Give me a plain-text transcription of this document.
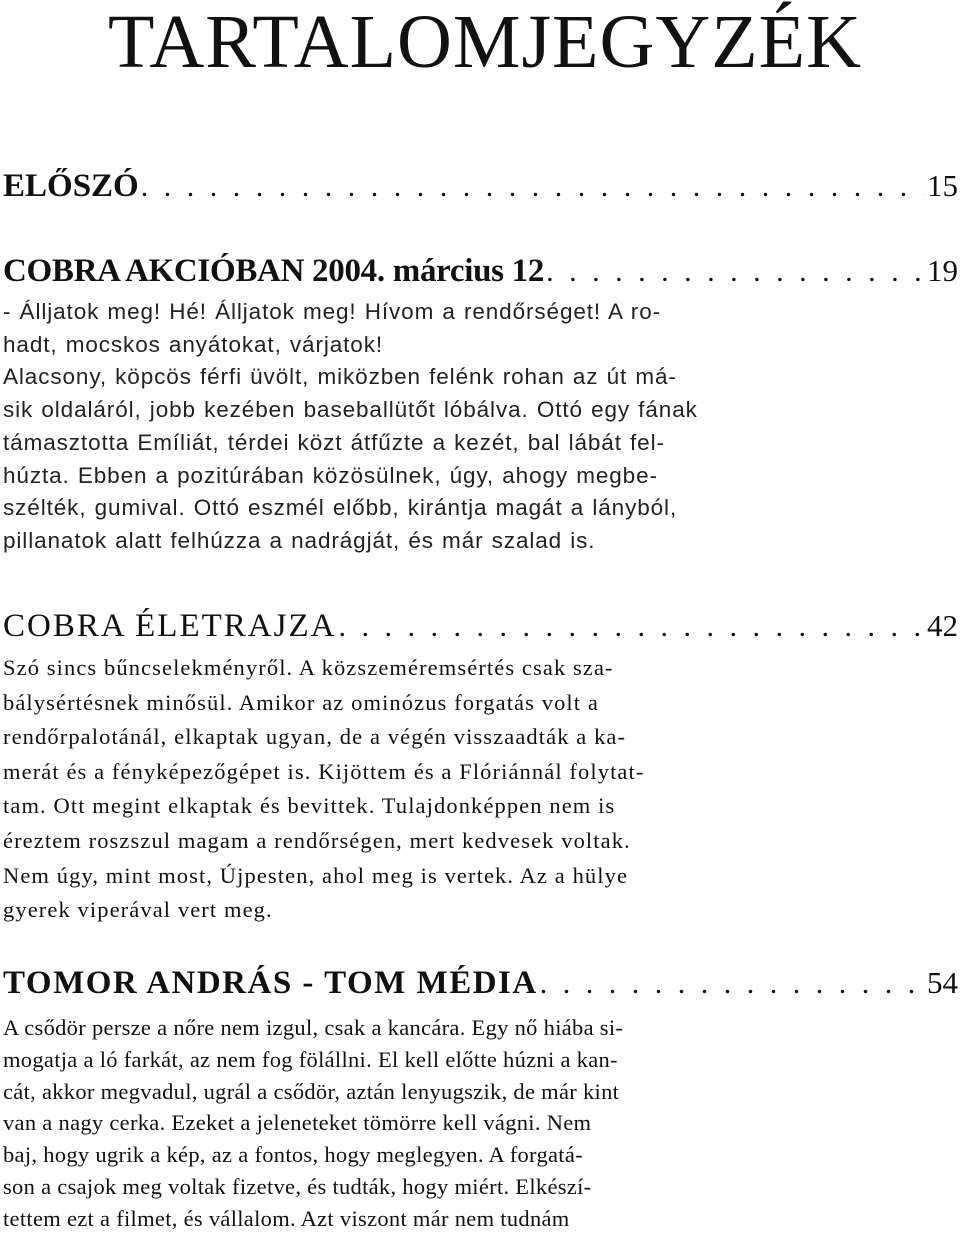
TARTALOMJEGYZÉK
ELŐSZÓ . . .	15
COBRA AKCIÓBAN 2004. március 12 . . .	19

- Álljatok meg! Hé! Álljatok meg! Hívom a rendőrséget! A ro-
hadt, mocskos anyátokat, várjatok!
Alacsony, köpcös férfi üvölt, miközben felénk rohan az út má-
sik oldaláról, jobb kezében baseballütőt lóbálva. Ottó egy fának
támasztotta Emíliát, térdei közt átfűzte a kezét, bal lábát fel-
húzta. Ebben a pozitúrában közösülnek, úgy, ahogy megbe-
szélték, gumival. Ottó eszmél előbb, kirántja magát a lányból,
pillanatok alatt felhúzza a nadrágját, és már szalad is.

COBRA ÉLETRAJZA . . .	42

Szó sincs bűncselekményről. A közszeméremsértés csak sza-
bálysértésnek minősül. Amikor az ominózus forgatás volt a
rendőrpalotánál, elkaptak ugyan, de a végén visszaadták a ka-
merát és a fényképezőgépet is. Kijöttem és a Flóriánnál folytat-
tam. Ott megint elkaptak és bevittek. Tulajdonképpen nem is
éreztem roszszul magam a rendőrségen, mert kedvesek voltak.
Nem úgy, mint most, Újpesten, ahol meg is vertek. Az a hülye
gyerek viperával vert meg.

TOMOR ANDRÁS - TOM MÉDIA . . .	54

A csődör persze a nőre nem izgul, csak a kancára. Egy nő hiába si-
mogatja a ló farkát, az nem fog fölállni. El kell előtte húzni a kan-
cát, akkor megvadul, ugrál a csődör, aztán lenyugszik, de már kint
van a nagy cerka. Ezeket a jeleneteket tömörre kell vágni. Nem
baj, hogy ugrik a kép, az a fontos, hogy meglegyen. A forgatá-
son a csajok meg voltak fizetve, és tudták, hogy miért. Elkészí-
tettem ezt a filmet, és vállalom. Azt viszont már nem tudnám
